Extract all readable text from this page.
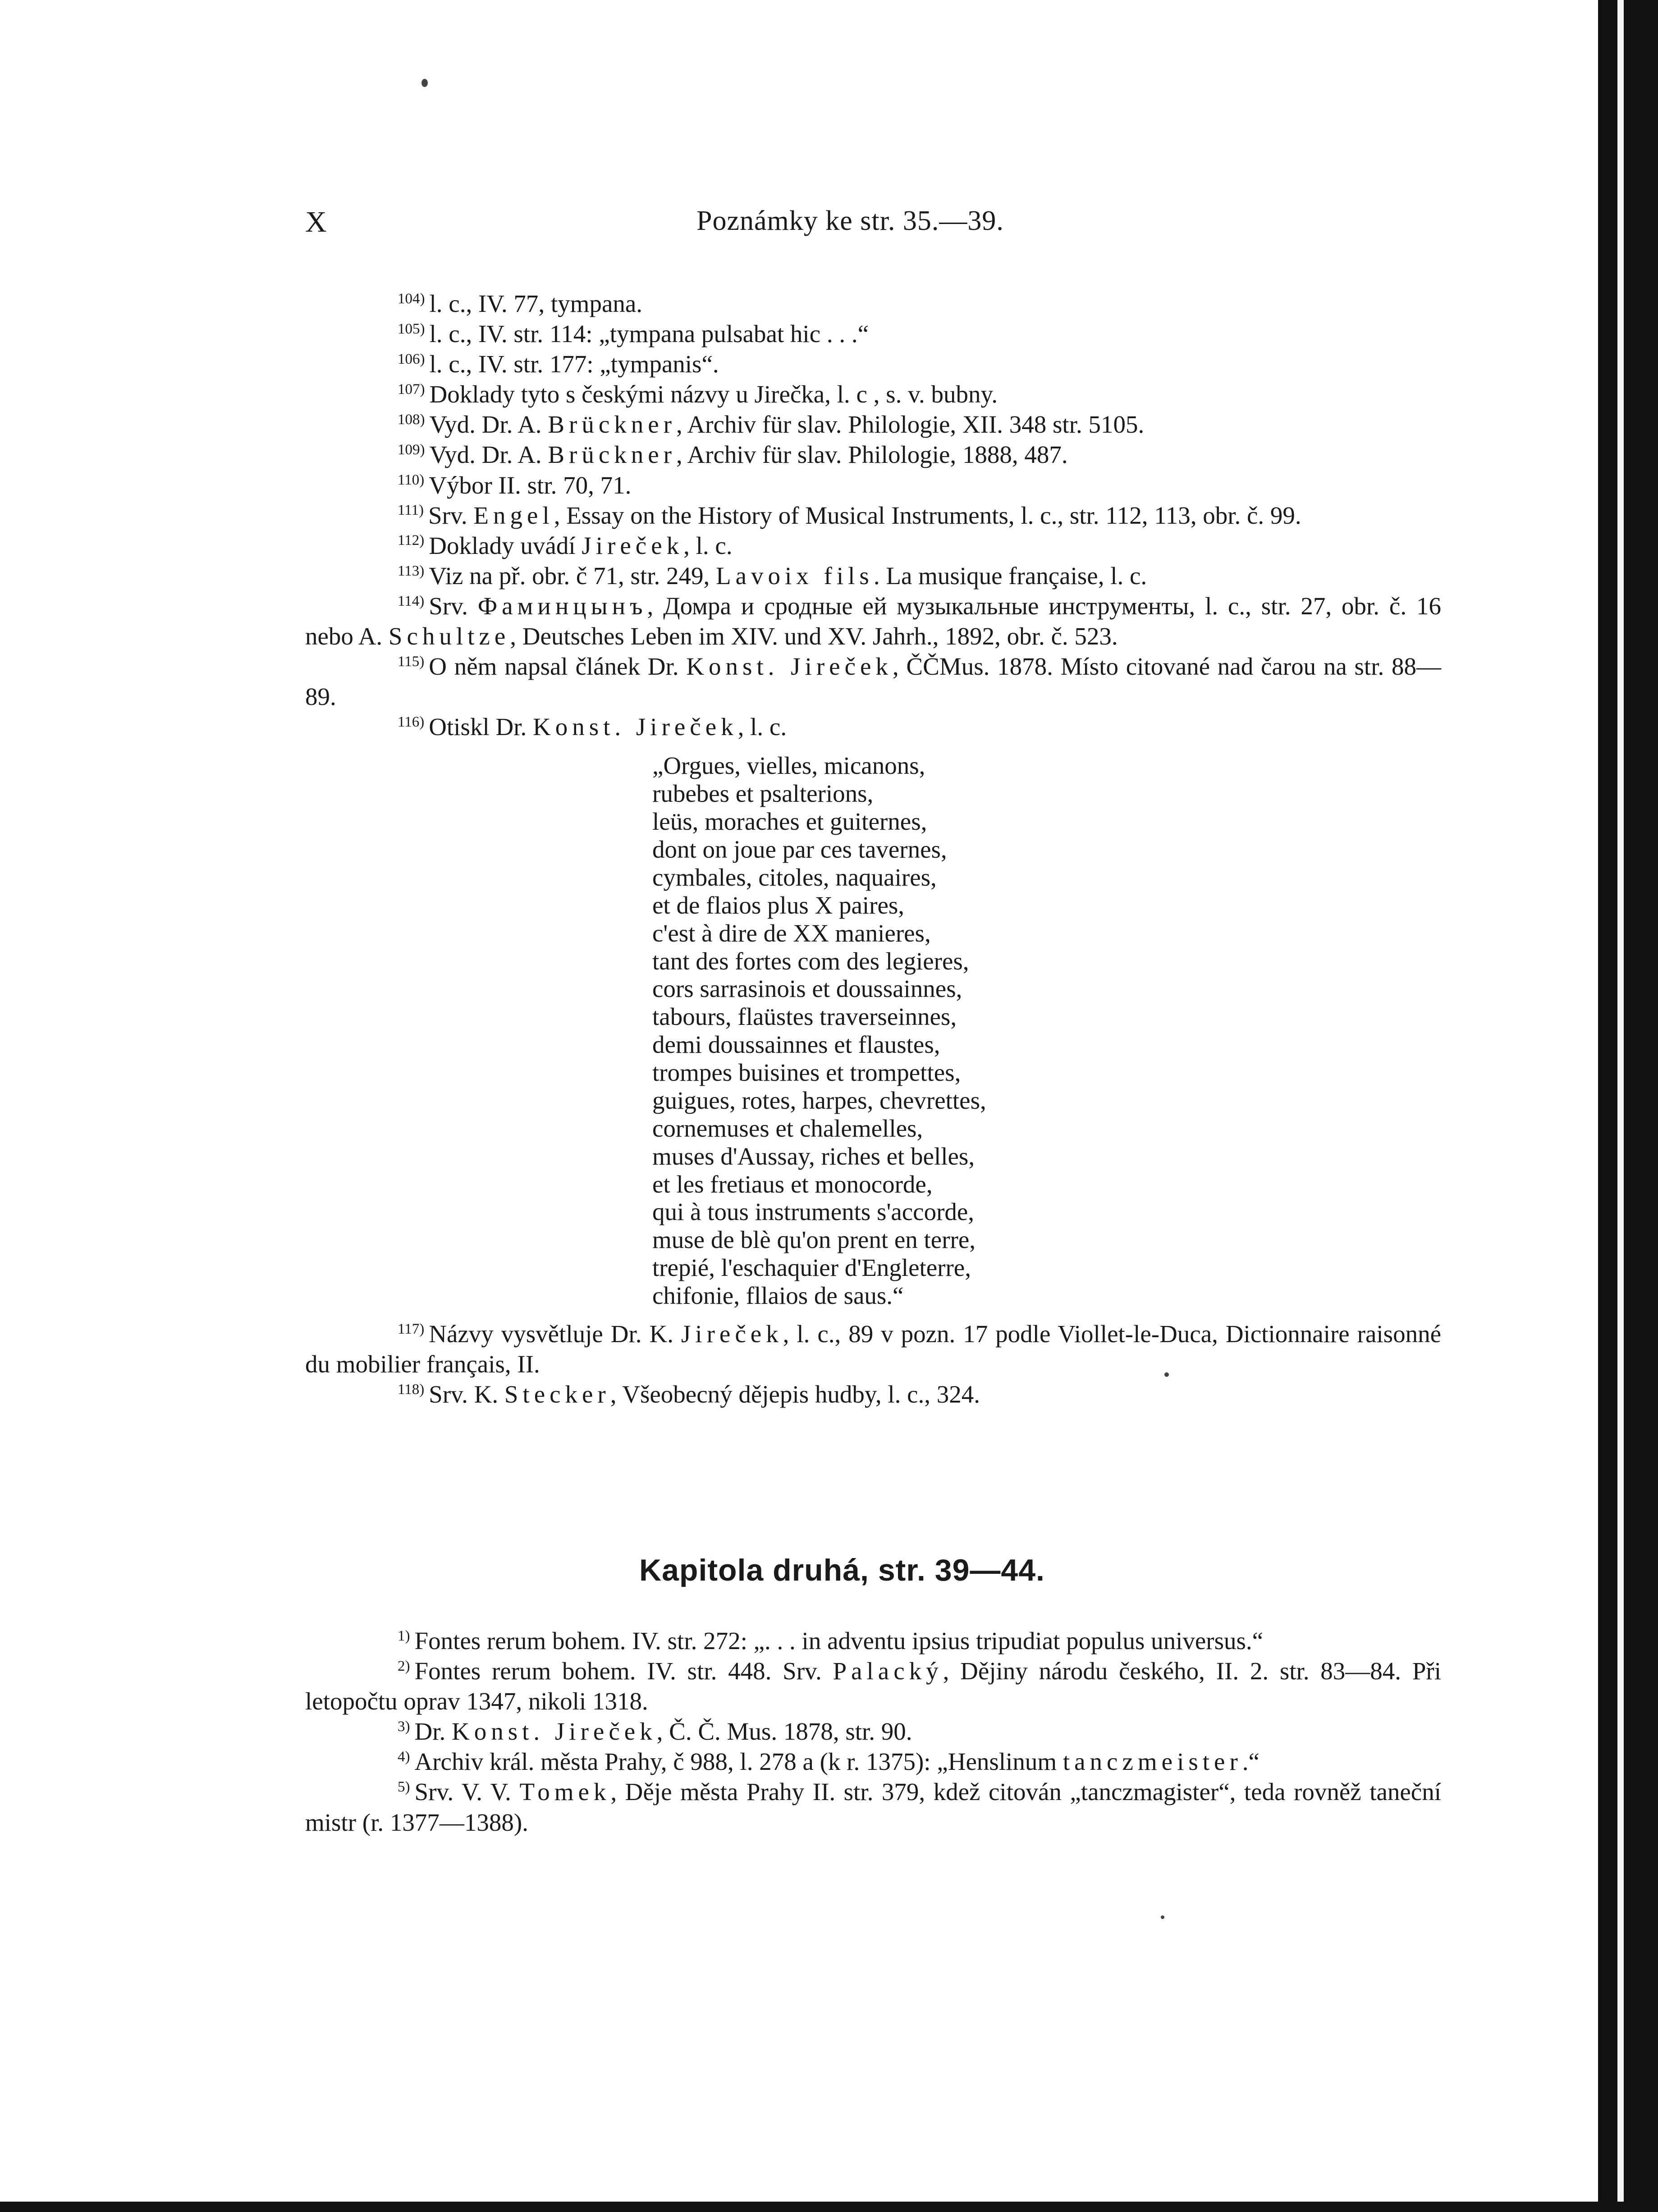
X	Poznámky ke str. 35.—39.

$^{104)}$ l. c., IV. 77, tympana.

$^{105)}$ l. c., IV. str. 114: „tympana pulsabat hic . . .“

$^{106)}$ l. c., IV. str. 177: „tympanis“.

$^{107)}$ Doklady tyto s českými názvy u Jirečka, l. c , s. v. bubny.

$^{108)}$ Vyd. Dr. A. Brückner, Archiv für slav. Philologie, XII. 348 str. 5105.

$^{109)}$ Vyd. Dr. A. Brückner, Archiv für slav. Philologie, 1888, 487.

$^{110)}$ Výbor II. str. 70, 71.

$^{111)}$ Srv. Engel, Essay on the History of Musical Instruments, l. c., str. 112, 113, obr. č. 99.

$^{112)}$ Doklady uvádí Jireček, l. c.

$^{113)}$ Viz na př. obr. č 71, str. 249, Lavoix fils. La musique française, l. c.

$^{114)}$ Srv. Фаминцынъ, Домра и сродные ей музыкальные инструменты, l. c., str. 27, obr. č. 16 nebo A. Schultze, Deutsches Leben im XIV. und XV. Jahrh., 1892, obr. č. 523.

$^{115)}$ O něm napsal článek Dr. Konst. Jireček, ČČMus. 1878. Místo citované nad čarou na str. 88—89.

$^{116)}$ Otiskl Dr. Konst. Jireček, l. c.

„Orgues, vielles, micanons,
rubebes et psalterions,
leüs, moraches et guiternes,
dont on joue par ces tavernes,
cymbales, citoles, naquaires,
et de flaios plus X paires,
c'est à dire de XX manieres,
tant des fortes com des legieres,
cors sarrasinois et doussainnes,
tabours, flaüstes traverseinnes,
demi doussainnes et flaustes,
trompes buisines et trompettes,
guigues, rotes, harpes, chevrettes,
cornemuses et chalemelles,
muses d'Aussay, riches et belles,
et les fretiaus et monocorde,
qui à tous instruments s'accorde,
muse de blè qu'on prent en terre,
trepié, l'eschaquier d'Engleterre,
chifonie, fllaios de saus.“

$^{117)}$ Názvy vysvětluje Dr. K. Jireček, l. c., 89 v pozn. 17 podle Viollet-le-Duca, Dictionnaire raisonné du mobilier français, II.

$^{118)}$ Srv. K. Stecker, Všeobecný dějepis hudby, l. c., 324.

Kapitola druhá, str. 39—44.

$^{1)}$ Fontes rerum bohem. IV. str. 272: „. . . in adventu ipsius tripudiat populus universus.“

$^{2)}$ Fontes rerum bohem. IV. str. 448. Srv. Palacký, Dějiny národu českého, II. 2. str. 83—84. Při letopočtu oprav 1347, nikoli 1318.

$^{3)}$ Dr. Konst. Jireček, Č. Č. Mus. 1878, str. 90.

$^{4)}$ Archiv král. města Prahy, č 988, l. 278 a (k r. 1375): „Henslinum tanczmeister.“

$^{5)}$ Srv. V. V. Tomek, Děje města Prahy II. str. 379, kdež citován „tanczmagister“, teda rovněž taneční mistr (r. 1377—1388).
